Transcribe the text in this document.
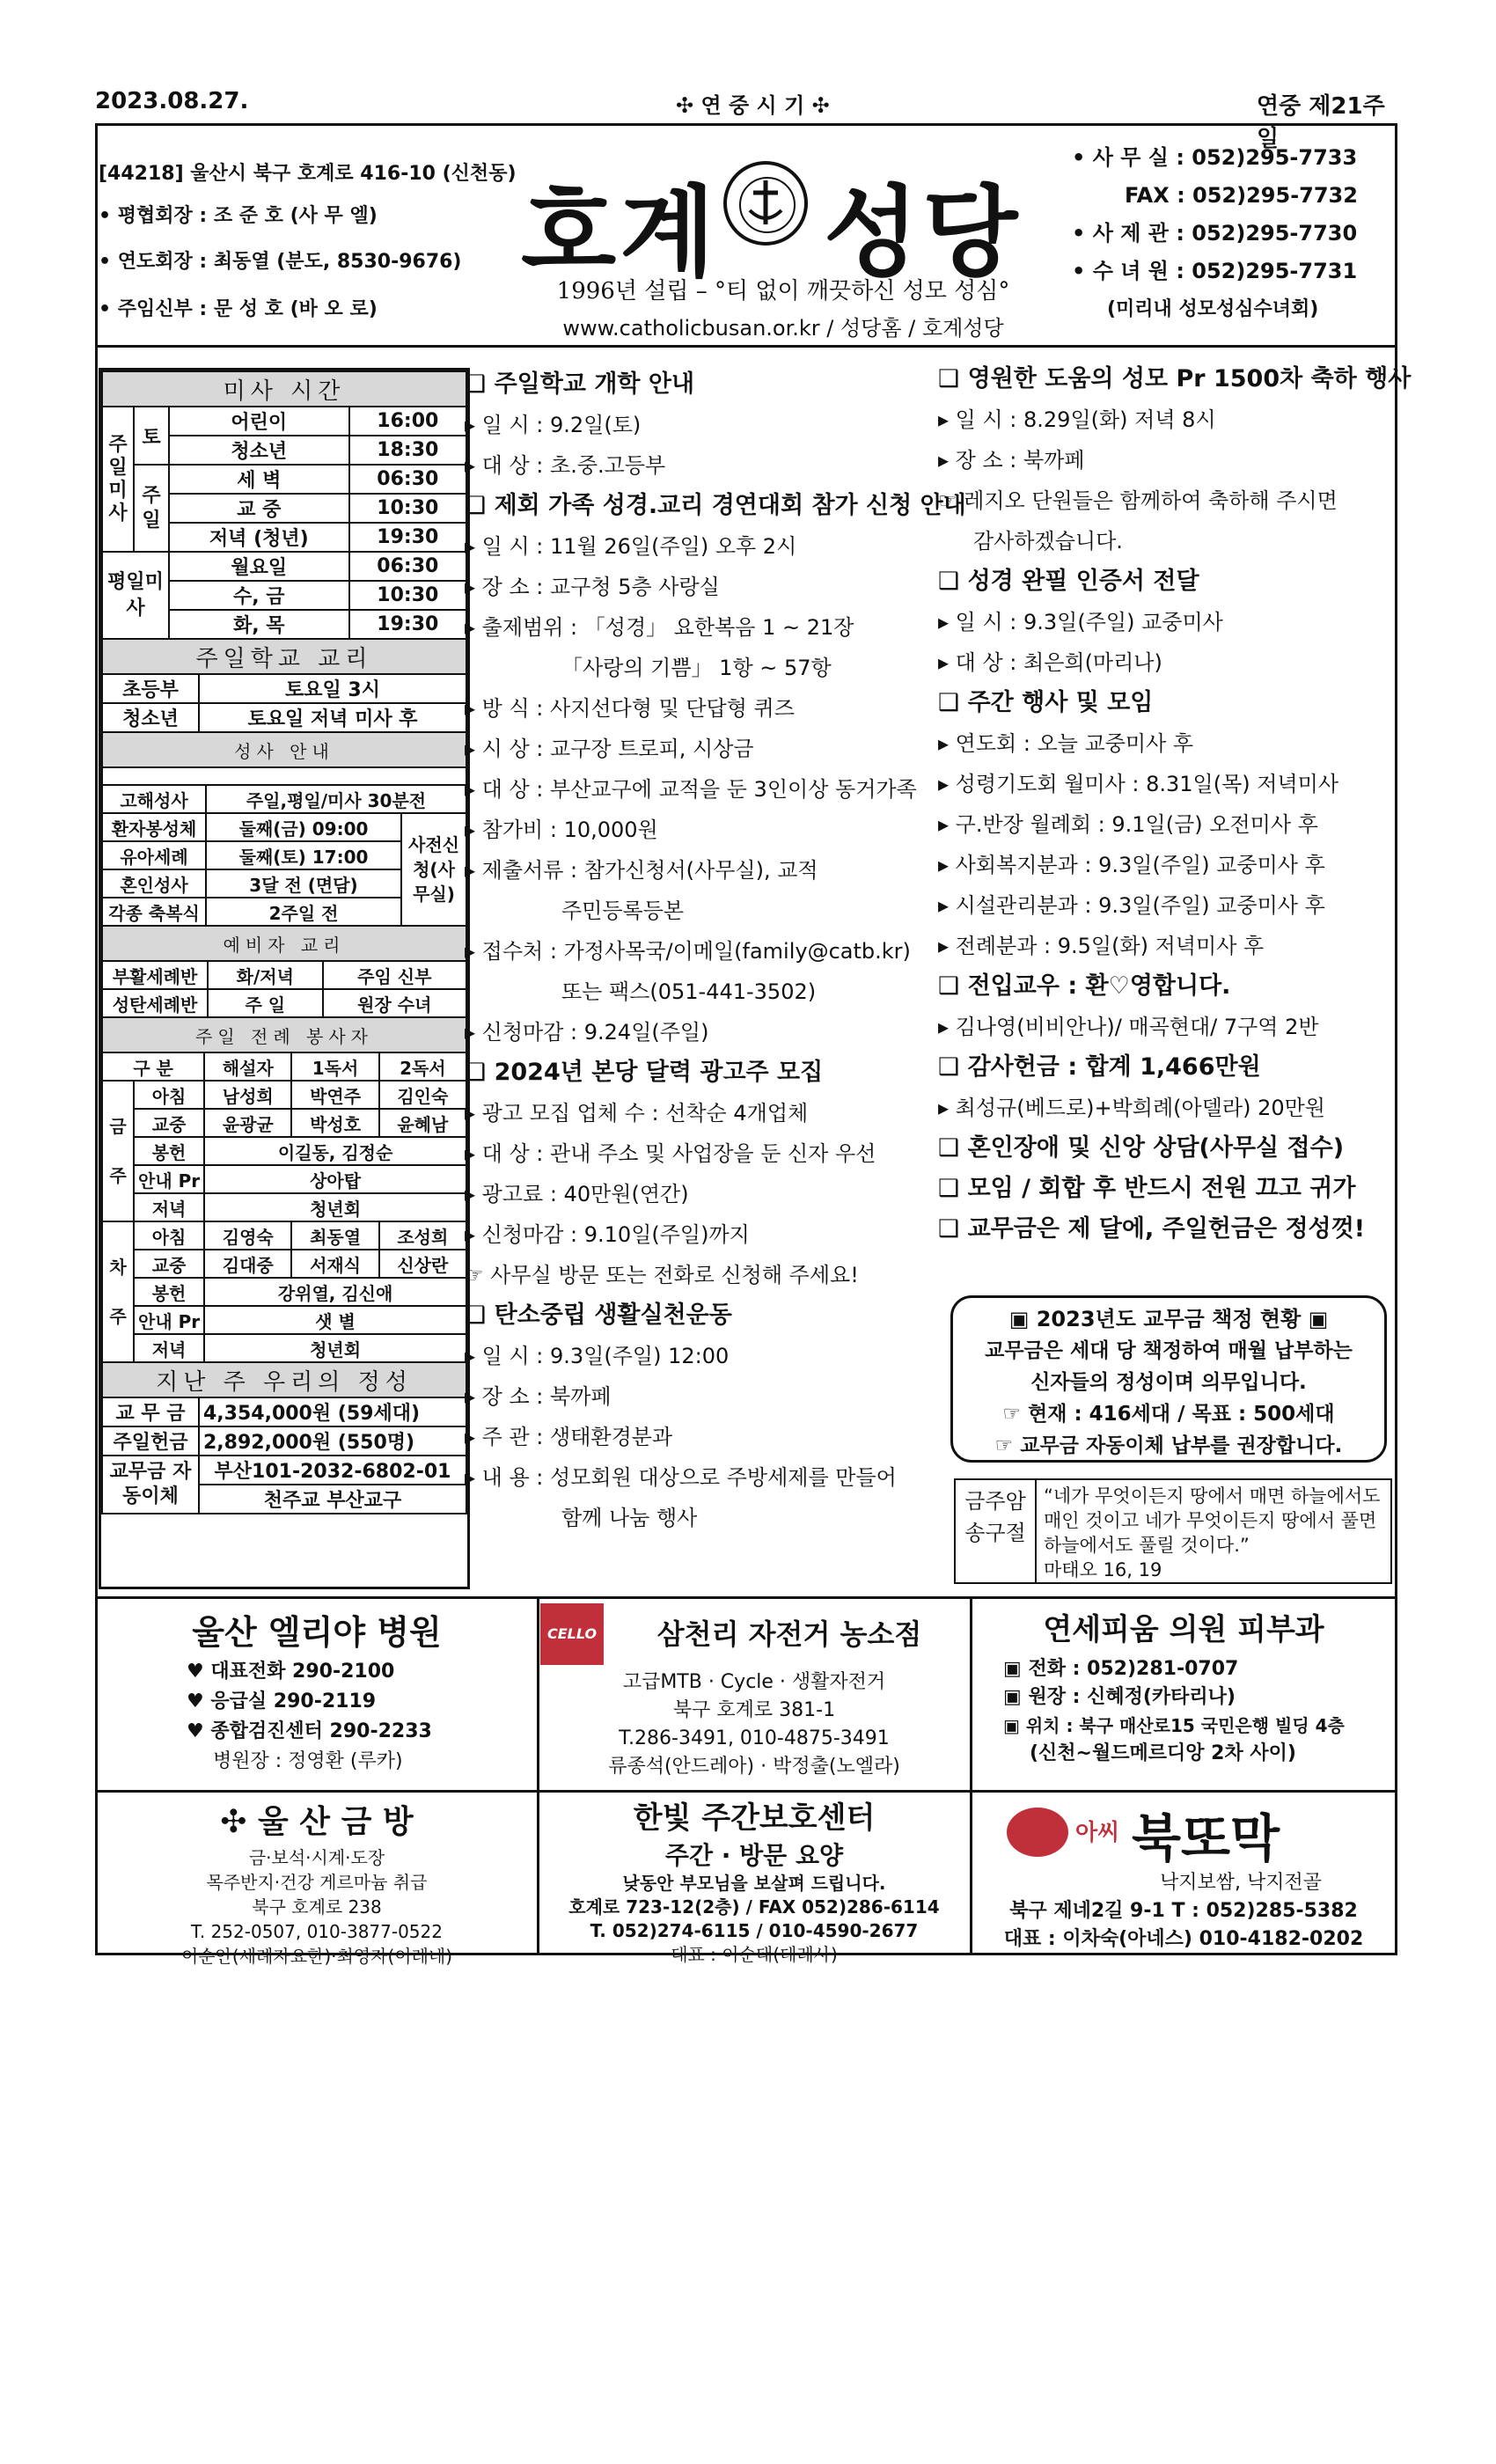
2023.08.27.	✣ 연 중 시 기 ✣	연중 제21주일
[44218] 울산시 북구 호계로 416-10 (신천동)
• 평협회장 : 조 준 호 (사 무 엘)
• 연도회장 : 최동열 (분도, 8530-9676)
• 주임신부 : 문 성 호 (바 오 로)
호계 성당
1996년 설립 – °티 없이 깨끗하신 성모 성심°
www.catholicbusan.or.kr / 성당홈 / 호계성당
• 사 무 실 : 052)295-7733
FAX : 052)295-7732
• 사 제 관 : 052)295-7730
• 수 녀 원 : 052)295-7731
(미리내 성모성심수녀회)
미사 시간			
주일미사	토	어린이	16:00
		청소년	18:30
	주일	세 벽	06:30
		교 중	10:30
		저녁 (청년)	19:30
평일미사		월요일	06:30
		수, 금	10:30
		화, 목	19:30
주일학교 교리	
초등부	토요일 3시
청소년	토요일 저녁 미사 후
성사 안내		

고해성사	주일,평일/미사 30분전	
환자봉성체	둘째(금) 09:00	사전신청(사무실)
유아세례	둘째(토) 17:00	
혼인성사	3달 전 (면담)	
각종 축복식	2주일 전	
예비자 교리		
부활세례반	화/저녁	주임 신부
성탄세례반	주 일	원장 수녀
주일 전례 봉사자				
구 분		해설자	1독서	2독서
금주	아침	남성희	박연주	김인숙
	교중	윤광균	박성호	윤혜남
	봉헌	이길동, 김정순		
	안내 Pr	상아탑		
	저녁	청년회		
차주	아침	김영숙	최동열	조성희
	교중	김대중	서재식	신상란
	봉헌	강위열, 김신애		
	안내 Pr	샛 별		
	저녁	청년회		
지난 주 우리의 정성	
교 무 금	4,354,000원 (59세대)
주일헌금	2,892,000원 (550명)
교무금 자동이체	부산101-2032-6802-01
	천주교 부산교구
❑ 주일학교 개학 안내
▸ 일 시 : 9.2일(토)
▸ 대 상 : 초.중.고등부
❑ 제회 가족 성경.교리 경연대회 참가 신청 안내
▸ 일 시 : 11월 26일(주일) 오후 2시
▸ 장 소 : 교구청 5층 사랑실
▸ 출제범위 : 「성경」 요한복음 1 ~ 21장
「사랑의 기쁨」 1항 ~ 57항
▸ 방 식 : 사지선다형 및 단답형 퀴즈
▸ 시 상 : 교구장 트로피, 시상금
▸ 대 상 : 부산교구에 교적을 둔 3인이상 동거가족
▸ 참가비 : 10,000원
▸ 제출서류 : 참가신청서(사무실), 교적
주민등록등본
▸ 접수처 : 가정사목국/이메일(family@catb.kr)
또는 팩스(051-441-3502)
▸ 신청마감 : 9.24일(주일)
❑ 2024년 본당 달력 광고주 모집
▸ 광고 모집 업체 수 : 선착순 4개업체
▸ 대 상 : 관내 주소 및 사업장을 둔 신자 우선
▸ 광고료 : 40만원(연간)
▸ 신청마감 : 9.10일(주일)까지
☞ 사무실 방문 또는 전화로 신청해 주세요!
❑ 탄소중립 생활실천운동
▸ 일 시 : 9.3일(주일) 12:00
▸ 장 소 : 북까페
▸ 주 관 : 생태환경분과
▸ 내 용 : 성모회원 대상으로 주방세제를 만들어
함께 나눔 행사
❑ 영원한 도움의 성모 Pr 1500차 축하 행사
▸ 일 시 : 8.29일(화) 저녁 8시
▸ 장 소 : 북까페
☞ 레지오 단원들은 함께하여 축하해 주시면
감사하겠습니다.
❑ 성경 완필 인증서 전달
▸ 일 시 : 9.3일(주일) 교중미사
▸ 대 상 : 최은희(마리나)
❑ 주간 행사 및 모임
▸ 연도회 : 오늘 교중미사 후
▸ 성령기도회 월미사 : 8.31일(목) 저녁미사
▸ 구.반장 월례회 : 9.1일(금) 오전미사 후
▸ 사회복지분과 : 9.3일(주일) 교중미사 후
▸ 시설관리분과 : 9.3일(주일) 교중미사 후
▸ 전례분과 : 9.5일(화) 저녁미사 후
❑ 전입교우 : 환♡영합니다.
▸ 김나영(비비안나)/ 매곡현대/ 7구역 2반
❑ 감사헌금 : 합계 1,466만원
▸ 최성규(베드로)+박희례(아델라) 20만원
❑ 혼인장애 및 신앙 상담(사무실 접수)
❑ 모임 / 회합 후 반드시 전원 끄고 귀가
❑ 교무금은 제 달에, 주일헌금은 정성껏!
▣ 2023년도 교무금 책정 현황 ▣
교무금은 세대 당 책정하여 매월 납부하는
신자들의 정성이며 의무입니다.
☞ 현재 : 416세대 / 목표 : 500세대
☞ 교무금 자동이체 납부를 권장합니다.
금주암송구절
“네가 무엇이든지 땅에서 매면 하늘에서도 매인 것이고 네가 무엇이든지 땅에서 풀면 하늘에서도 풀릴 것이다.”
마태오 16, 19
울산 엘리야 병원
♥ 대표전화 290-2100
♥ 응급실 290-2119
♥ 종합검진센터 290-2233
병원장 : 정영환 (루카)
CELLO	삼천리 자전거 농소점
고급MTB · Cycle · 생활자전거
북구 호계로 381-1
T.286-3491, 010-4875-3491
류종석(안드레아) · 박정출(노엘라)
연세피움 의원 피부과
▣ 전화 : 052)281-0707
▣ 원장 : 신혜정(카타리나)
▣ 위치 : 북구 매산로15 국민은행 빌딩 4층
(신천~월드메르디앙 2차 사이)
✣ 울 산 금 방
금·보석·시계·도장
목주반지·건강 게르마늄 취급
북구 호계로 238
T. 252-0507, 010-3877-0522
이순안(세례자요한)·최영자(이레네)
한빛 주간보호센터
주간 · 방문 요양
낮동안 부모님을 보살펴 드립니다.
호계로 723-12(2층) / FAX 052)286-6114
T. 052)274-6115 / 010-4590-2677
대표 : 이순태(데레사)
아씨 북또막
낙지보쌈, 낙지전골
북구 제네2길 9-1 T : 052)285-5382
대표 : 이차숙(아네스) 010-4182-0202
